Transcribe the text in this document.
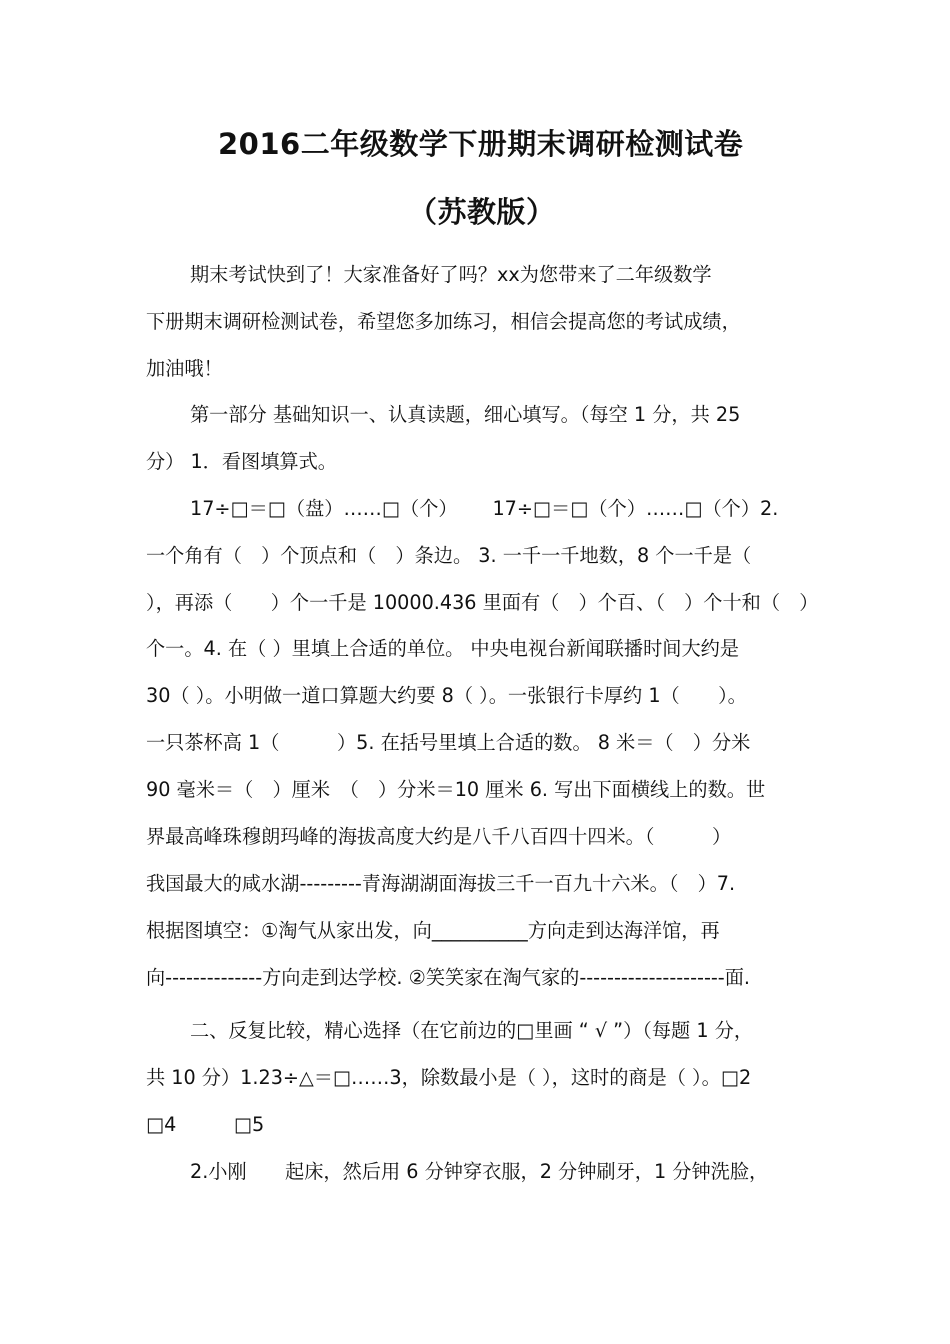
2016二年级数学下册期末调研检测试卷
（苏教版）
期末考试快到了！大家准备好了吗？xx为您带来了二年级数学
下册期末调研检测试卷，希望您多加练习，相信会提高您的考试成绩，
加油哦！
第一部分 基础知识一、认真读题，细心填写。（每空 1 分，共 25
分） 1．看图填算式。
17÷□＝□（盘）……□（个）　　 17÷□＝□（个）……□（个）2.
一个角有（　）个顶点和（　）条边。 3. 一千一千地数，8 个一千是（
），再添（　　）个一千是 10000.436 里面有（　）个百、（　）个十和（　）
个一。4. 在（ ）里填上合适的单位。 中央电视台新闻联播时间大约是
30（ ）。小明做一道口算题大约要 8（ ）。一张银行卡厚约 1（　　）。
一只茶杯高 1（　　　）5. 在括号里填上合适的数。 8 米＝（　）分米
90 毫米＝（　）厘米　（　）分米＝10 厘米 6. 写出下面横线上的数。世
界最高峰珠穆朗玛峰的海拔高度大约是八千八百四十四米。（　　　）
我国最大的咸水湖---------青海湖湖面海拔三千一百九十六米。（　）7.
根据图填空：①淘气从家出发，向__________方向走到达海洋馆，再
向--------------方向走到达学校. ②笑笑家在淘气家的---------------------面.
二、反复比较，精心选择（在它前边的□里画 “ √ ”）（每题 1 分，
共 10 分）1.23÷△＝□……3，除数最小是（ ），这时的商是（ ）。□2
□4　　　□5
2.小刚　　起床，然后用 6 分钟穿衣服，2 分钟刷牙，1 分钟洗脸，
